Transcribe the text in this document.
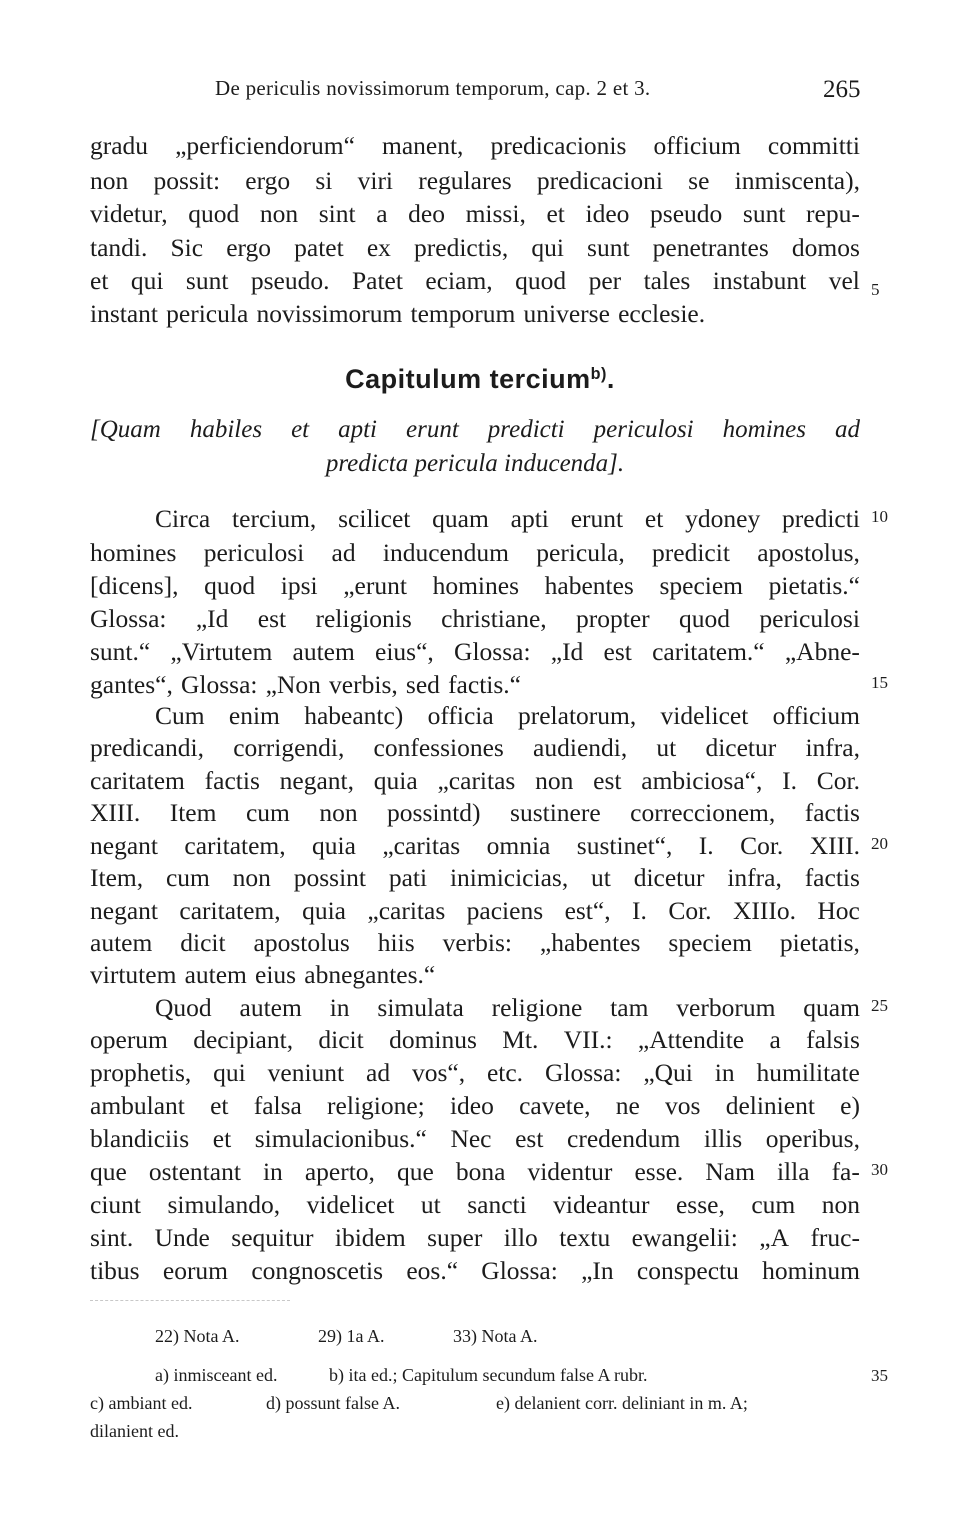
De periculis novissimorum temporum, cap. 2 et 3.	265
gradu „perficiendorum“ manent, predicacionis officium committi
non possit: ergo si viri regulares predicacioni se inmiscenta),
videtur, quod non sint a deo missi, et ideo pseudo sunt repu-
tandi. Sic ergo patet ex predictis, qui sunt penetrantes domos
et qui sunt pseudo. Patet eciam, quod per tales instabunt vel
instant pericula novissimorum temporum universe ecclesie.
5
Capitulum tercium$^{b)}$.
[Quam habiles et apti erunt predicti periculosi homines ad
predicta pericula inducenda].
Circa tercium, scilicet quam apti erunt et ydoney predicti
homines periculosi ad inducendum pericula, predicit apostolus,
[dicens], quod ipsi „erunt homines habentes speciem pietatis.“
Glossa: „Id est religionis christiane, propter quod periculosi
sunt.“ „Virtutem autem eius“, Glossa: „Id est caritatem.“ „Abne-
gantes“, Glossa: „Non verbis, sed factis.“
Cum enim habeantc) officia prelatorum, videlicet officium
predicandi, corrigendi, confessiones audiendi, ut dicetur infra,
caritatem factis negant, quia „caritas non est ambiciosa“, I. Cor.
XIII. Item cum non possintd) sustinere correccionem, factis
negant caritatem, quia „caritas omnia sustinet“, I. Cor. XIII.
Item, cum non possint pati inimicicias, ut dicetur infra, factis
negant caritatem, quia „caritas paciens est“, I. Cor. XIIIo. Hoc
autem dicit apostolus hiis verbis: „habentes speciem pietatis,
virtutem autem eius abnegantes.“
Quod autem in simulata religione tam verborum quam
operum decipiant, dicit dominus Mt. VII.: „Attendite a falsis
prophetis, qui veniunt ad vos“, etc. Glossa: „Qui in humilitate
ambulant et falsa religione; ideo cavete, ne vos delinient e)
blandiciis et simulacionibus.“ Nec est credendum illis operibus,
que ostentant in aperto, que bona videntur esse. Nam illa fa-
ciunt simulando, videlicet ut sancti videantur esse, cum non
sint. Unde sequitur ibidem super illo textu ewangelii: „A fruc-
tibus eorum congnoscetis eos.“ Glossa: „In conspectu hominum
10
15
20
25
30
22) Nota A.	29) 1a A.	33) Nota A.
a) inmisceant ed.	b) ita ed.; Capitulum secundum false A rubr.	35
c) ambiant ed.	d) possunt false A.	e) delanient corr. deliniant in m. A;
dilanient ed.
